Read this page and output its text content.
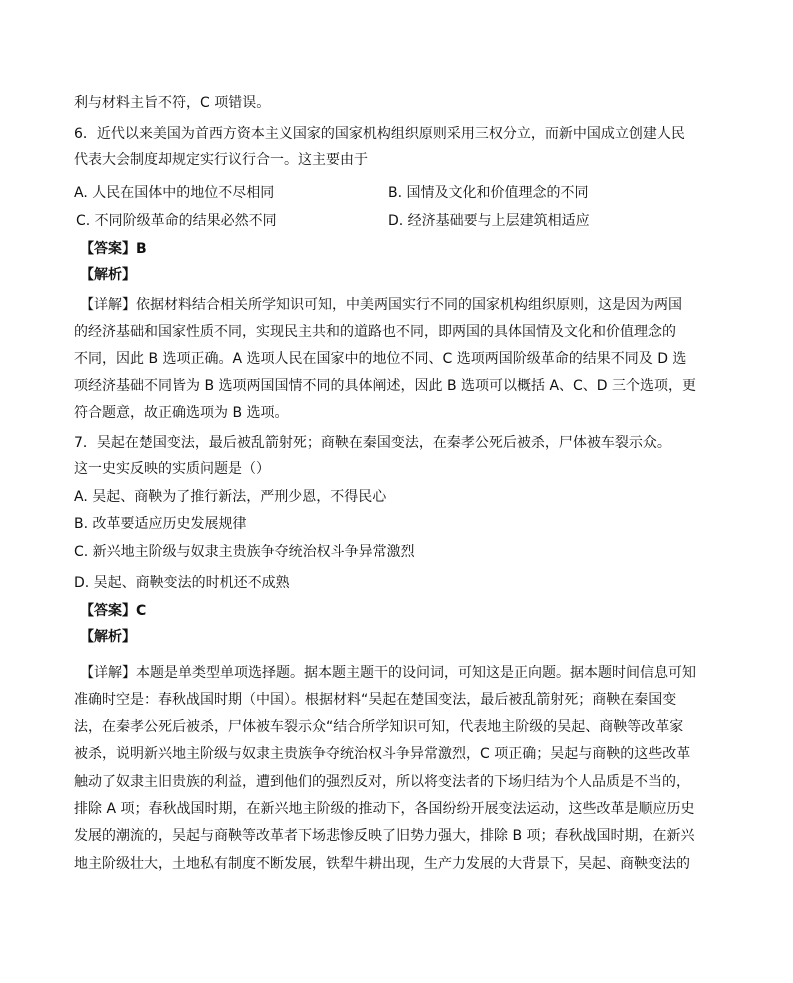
利与材料主旨不符，C 项错误。
6．近代以来美国为首西方资本主义国家的国家机构组织原则采用三权分立，而新中国成立创建人民
代表大会制度却规定实行议行合一。这主要由于
A. 人民在国体中的地位不尽相同	B. 国情及文化和价值理念的不同
C. 不同阶级革命的结果必然不同	D. 经济基础要与上层建筑相适应
【答案】B
【解析】
【详解】依据材料结合相关所学知识可知，中美两国实行不同的国家机构组织原则，这是因为两国
的经济基础和国家性质不同，实现民主共和的道路也不同，即两国的具体国情及文化和价值理念的
不同，因此 B 选项正确。A 选项人民在国家中的地位不同、C 选项两国阶级革命的结果不同及 D 选
项经济基础不同皆为 B 选项两国国情不同的具体阐述，因此 B 选项可以概括 A、C、D 三个选项，更
符合题意，故正确选项为 B 选项。
7．吴起在楚国变法，最后被乱箭射死；商鞅在秦国变法，在秦孝公死后被杀，尸体被车裂示众。
这一史实反映的实质问题是（）
A. 吴起、商鞅为了推行新法，严刑少恩，不得民心
B. 改革要适应历史发展规律
C. 新兴地主阶级与奴隶主贵族争夺统治权斗争异常激烈
D. 吴起、商鞅变法的时机还不成熟
【答案】C
【解析】
【详解】本题是单类型单项选择题。据本题主题干的设问词，可知这是正向题。据本题时间信息可知
准确时空是：春秋战国时期（中国）。根据材料“吴起在楚国变法，最后被乱箭射死；商鞅在秦国变
法，在秦孝公死后被杀，尸体被车裂示众“结合所学知识可知，代表地主阶级的吴起、商鞅等改革家
被杀，说明新兴地主阶级与奴隶主贵族争夺统治权斗争异常激烈，C 项正确；吴起与商鞅的这些改革
触动了奴隶主旧贵族的利益，遭到他们的强烈反对，所以将变法者的下场归结为个人品质是不当的，
排除 A 项；春秋战国时期，在新兴地主阶级的推动下，各国纷纷开展变法运动，这些改革是顺应历史
发展的潮流的，吴起与商鞅等改革者下场悲惨反映了旧势力强大，排除 B 项；春秋战国时期，在新兴
地主阶级壮大，土地私有制度不断发展，铁犁牛耕出现，生产力发展的大背景下，吴起、商鞅变法的
